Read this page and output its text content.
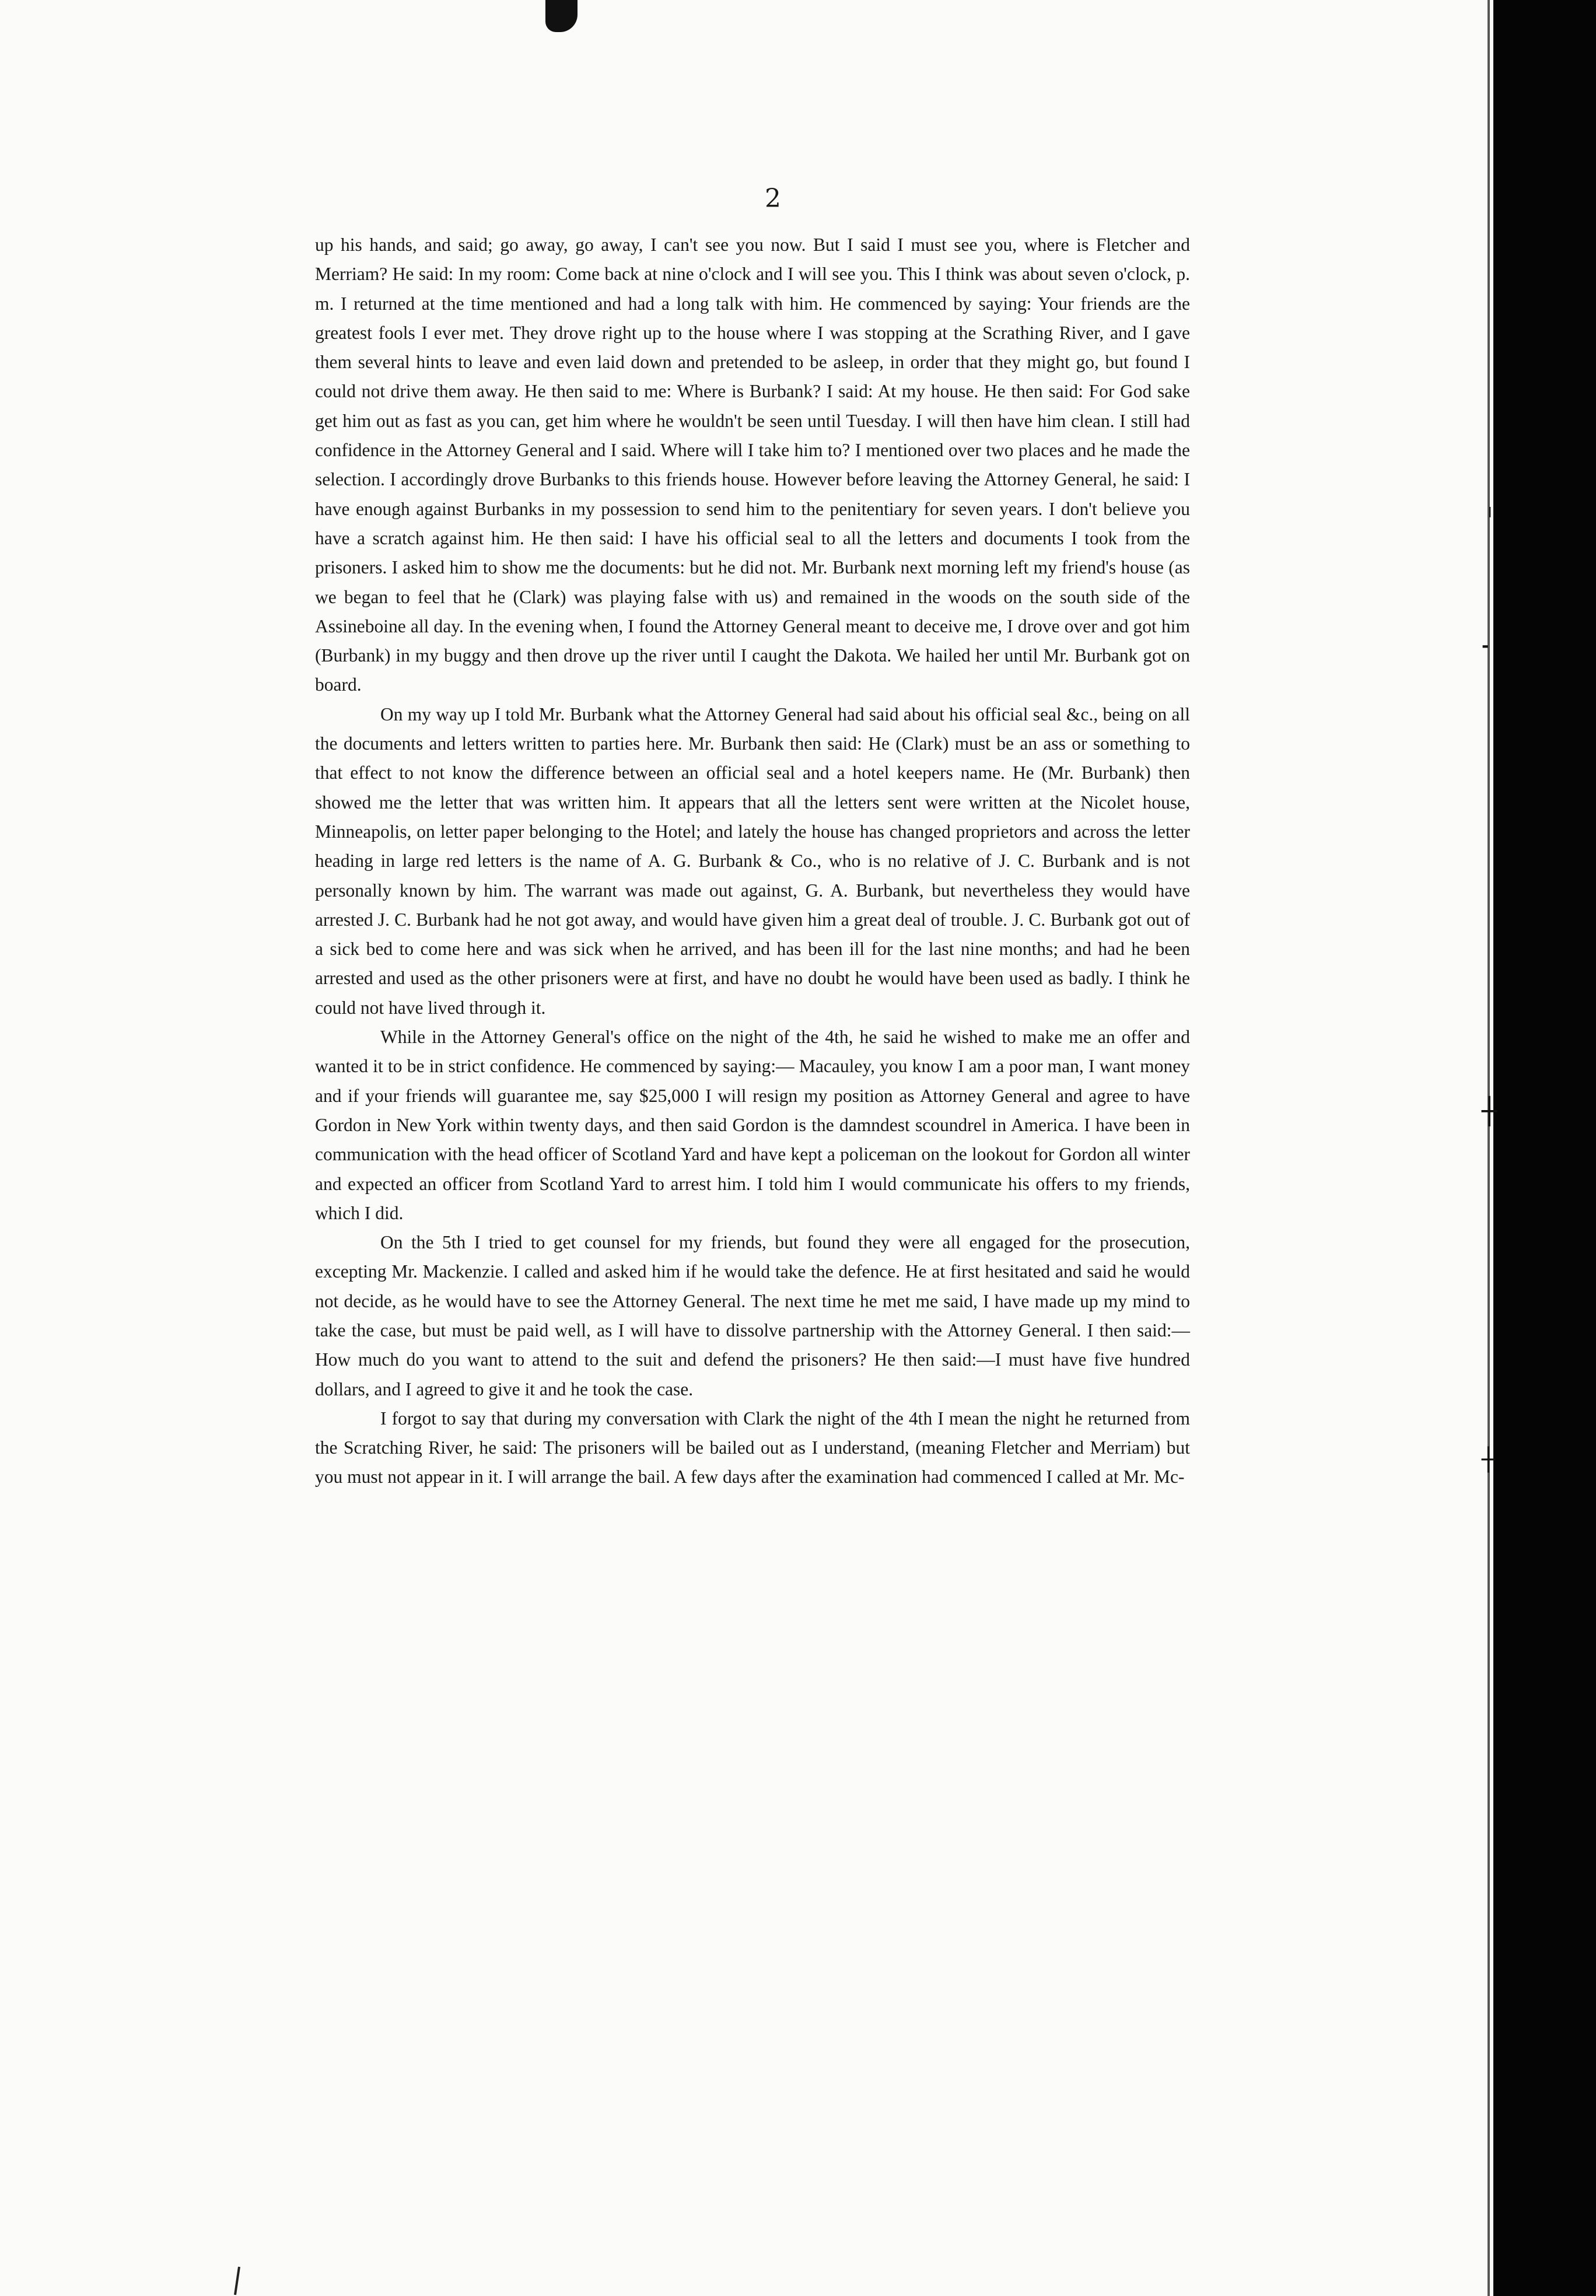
╵
‑
┼
┼
2

up his hands, and said; go away, go away, I can't see you now. But I said I must see you, where is Fletcher and Merriam? He said: In my room: Come back at nine o'clock and I will see you. This I think was about seven o'clock, p. m. I returned at the time mentioned and had a long talk with him. He commenced by saying: Your friends are the greatest fools I ever met. They drove right up to the house where I was stopping at the Scrathing River, and I gave them several hints to leave and even laid down and pretended to be asleep, in order that they might go, but found I could not drive them away. He then said to me: Where is Burbank? I said: At my house. He then said: For God sake get him out as fast as you can, get him where he wouldn't be seen until Tuesday. I will then have him clean. I still had confidence in the Attorney General and I said. Where will I take him to? I mentioned over two places and he made the selection. I accordingly drove Burbanks to this friends house. However before leaving the Attorney General, he said: I have enough against Burbanks in my possession to send him to the penitentiary for seven years. I don't believe you have a scratch against him. He then said: I have his official seal to all the letters and documents I took from the prisoners. I asked him to show me the documents: but he did not. Mr. Burbank next morning left my friend's house (as we began to feel that he (Clark) was playing false with us) and remained in the woods on the south side of the Assineboine all day. In the evening when, I found the Attorney General meant to deceive me, I drove over and got him (Burbank) in my buggy and then drove up the river until I caught the Dakota. We hailed her until Mr. Burbank got on board.

On my way up I told Mr. Burbank what the Attorney General had said about his official seal &c., being on all the documents and letters written to parties here. Mr. Burbank then said: He (Clark) must be an ass or something to that effect to not know the difference between an official seal and a hotel keepers name. He (Mr. Burbank) then showed me the letter that was written him. It appears that all the letters sent were written at the Nicolet house, Minneapolis, on letter paper belonging to the Hotel; and lately the house has changed proprietors and across the letter heading in large red letters is the name of A. G. Burbank & Co., who is no relative of J. C. Burbank and is not personally known by him. The warrant was made out against, G. A. Burbank, but nevertheless they would have arrested J. C. Burbank had he not got away, and would have given him a great deal of trouble. J. C. Burbank got out of a sick bed to come here and was sick when he arrived, and has been ill for the last nine months; and had he been arrested and used as the other prisoners were at first, and have no doubt he would have been used as badly. I think he could not have lived through it.

While in the Attorney General's office on the night of the 4th, he said he wished to make me an offer and wanted it to be in strict confidence. He commenced by saying:— Macauley, you know I am a poor man, I want money and if your friends will guarantee me, say $25,000 I will resign my position as Attorney General and agree to have Gordon in New York within twenty days, and then said Gordon is the damndest scoundrel in America. I have been in communication with the head officer of Scotland Yard and have kept a policeman on the lookout for Gordon all winter and expected an officer from Scotland Yard to arrest him. I told him I would communicate his offers to my friends, which I did.

On the 5th I tried to get counsel for my friends, but found they were all engaged for the prosecution, excepting Mr. Mackenzie. I called and asked him if he would take the defence. He at first hesitated and said he would not decide, as he would have to see the Attorney General. The next time he met me said, I have made up my mind to take the case, but must be paid well, as I will have to dissolve partnership with the Attorney General. I then said:—How much do you want to attend to the suit and defend the prisoners? He then said:—I must have five hundred dollars, and I agreed to give it and he took the case.

I forgot to say that during my conversation with Clark the night of the 4th I mean the night he returned from the Scratching River, he said: The prisoners will be bailed out as I understand, (meaning Fletcher and Merriam) but you must not appear in it. I will arrange the bail. A few days after the examination had commenced I called at Mr. Mc-
